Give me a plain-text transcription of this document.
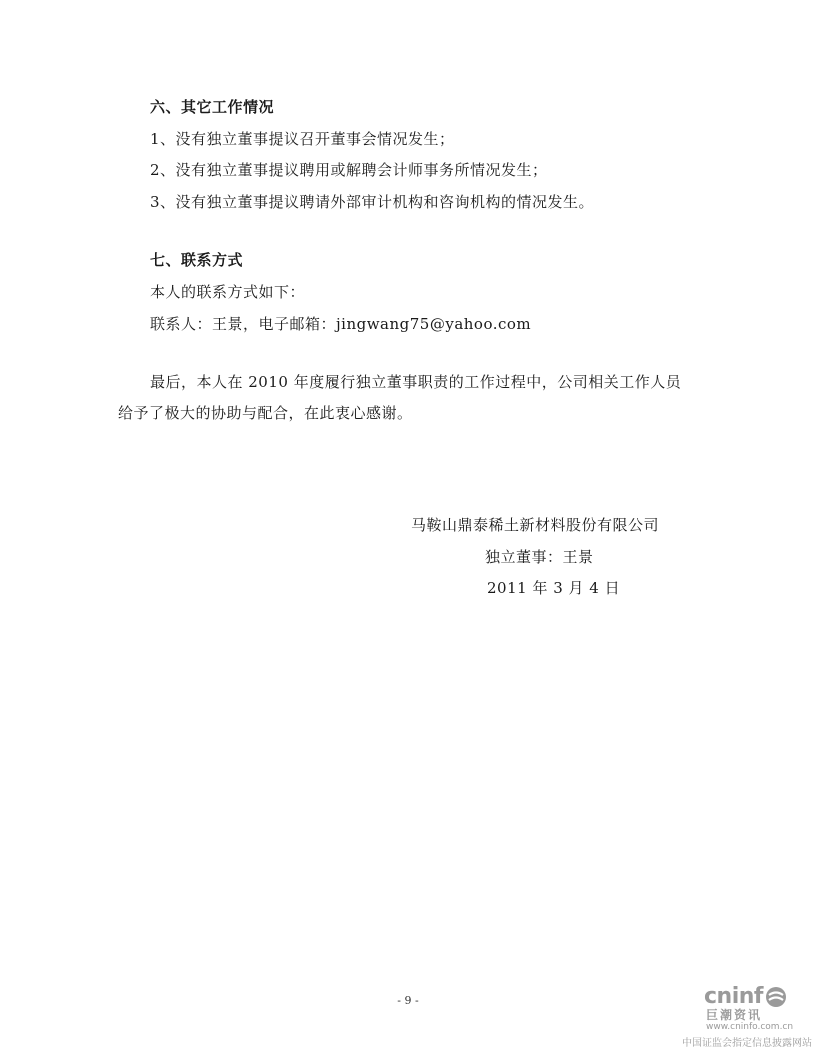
六、其它工作情况
1、没有独立董事提议召开董事会情况发生；
2、没有独立董事提议聘用或解聘会计师事务所情况发生；
3、没有独立董事提议聘请外部审计机构和咨询机构的情况发生。
七、联系方式
本人的联系方式如下：
联系人：王景，电子邮箱：jingwang75@yahoo.com
最后，本人在 2010 年度履行独立董事职责的工作过程中，公司相关工作人员
给予了极大的协助与配合，在此衷心感谢。
马鞍山鼎泰稀土新材料股份有限公司
独立董事：王景
2011 年 3 月 4 日
- 9 -	cninf
巨潮资讯
www.cninfo.com.cn
中国证监会指定信息披露网站
